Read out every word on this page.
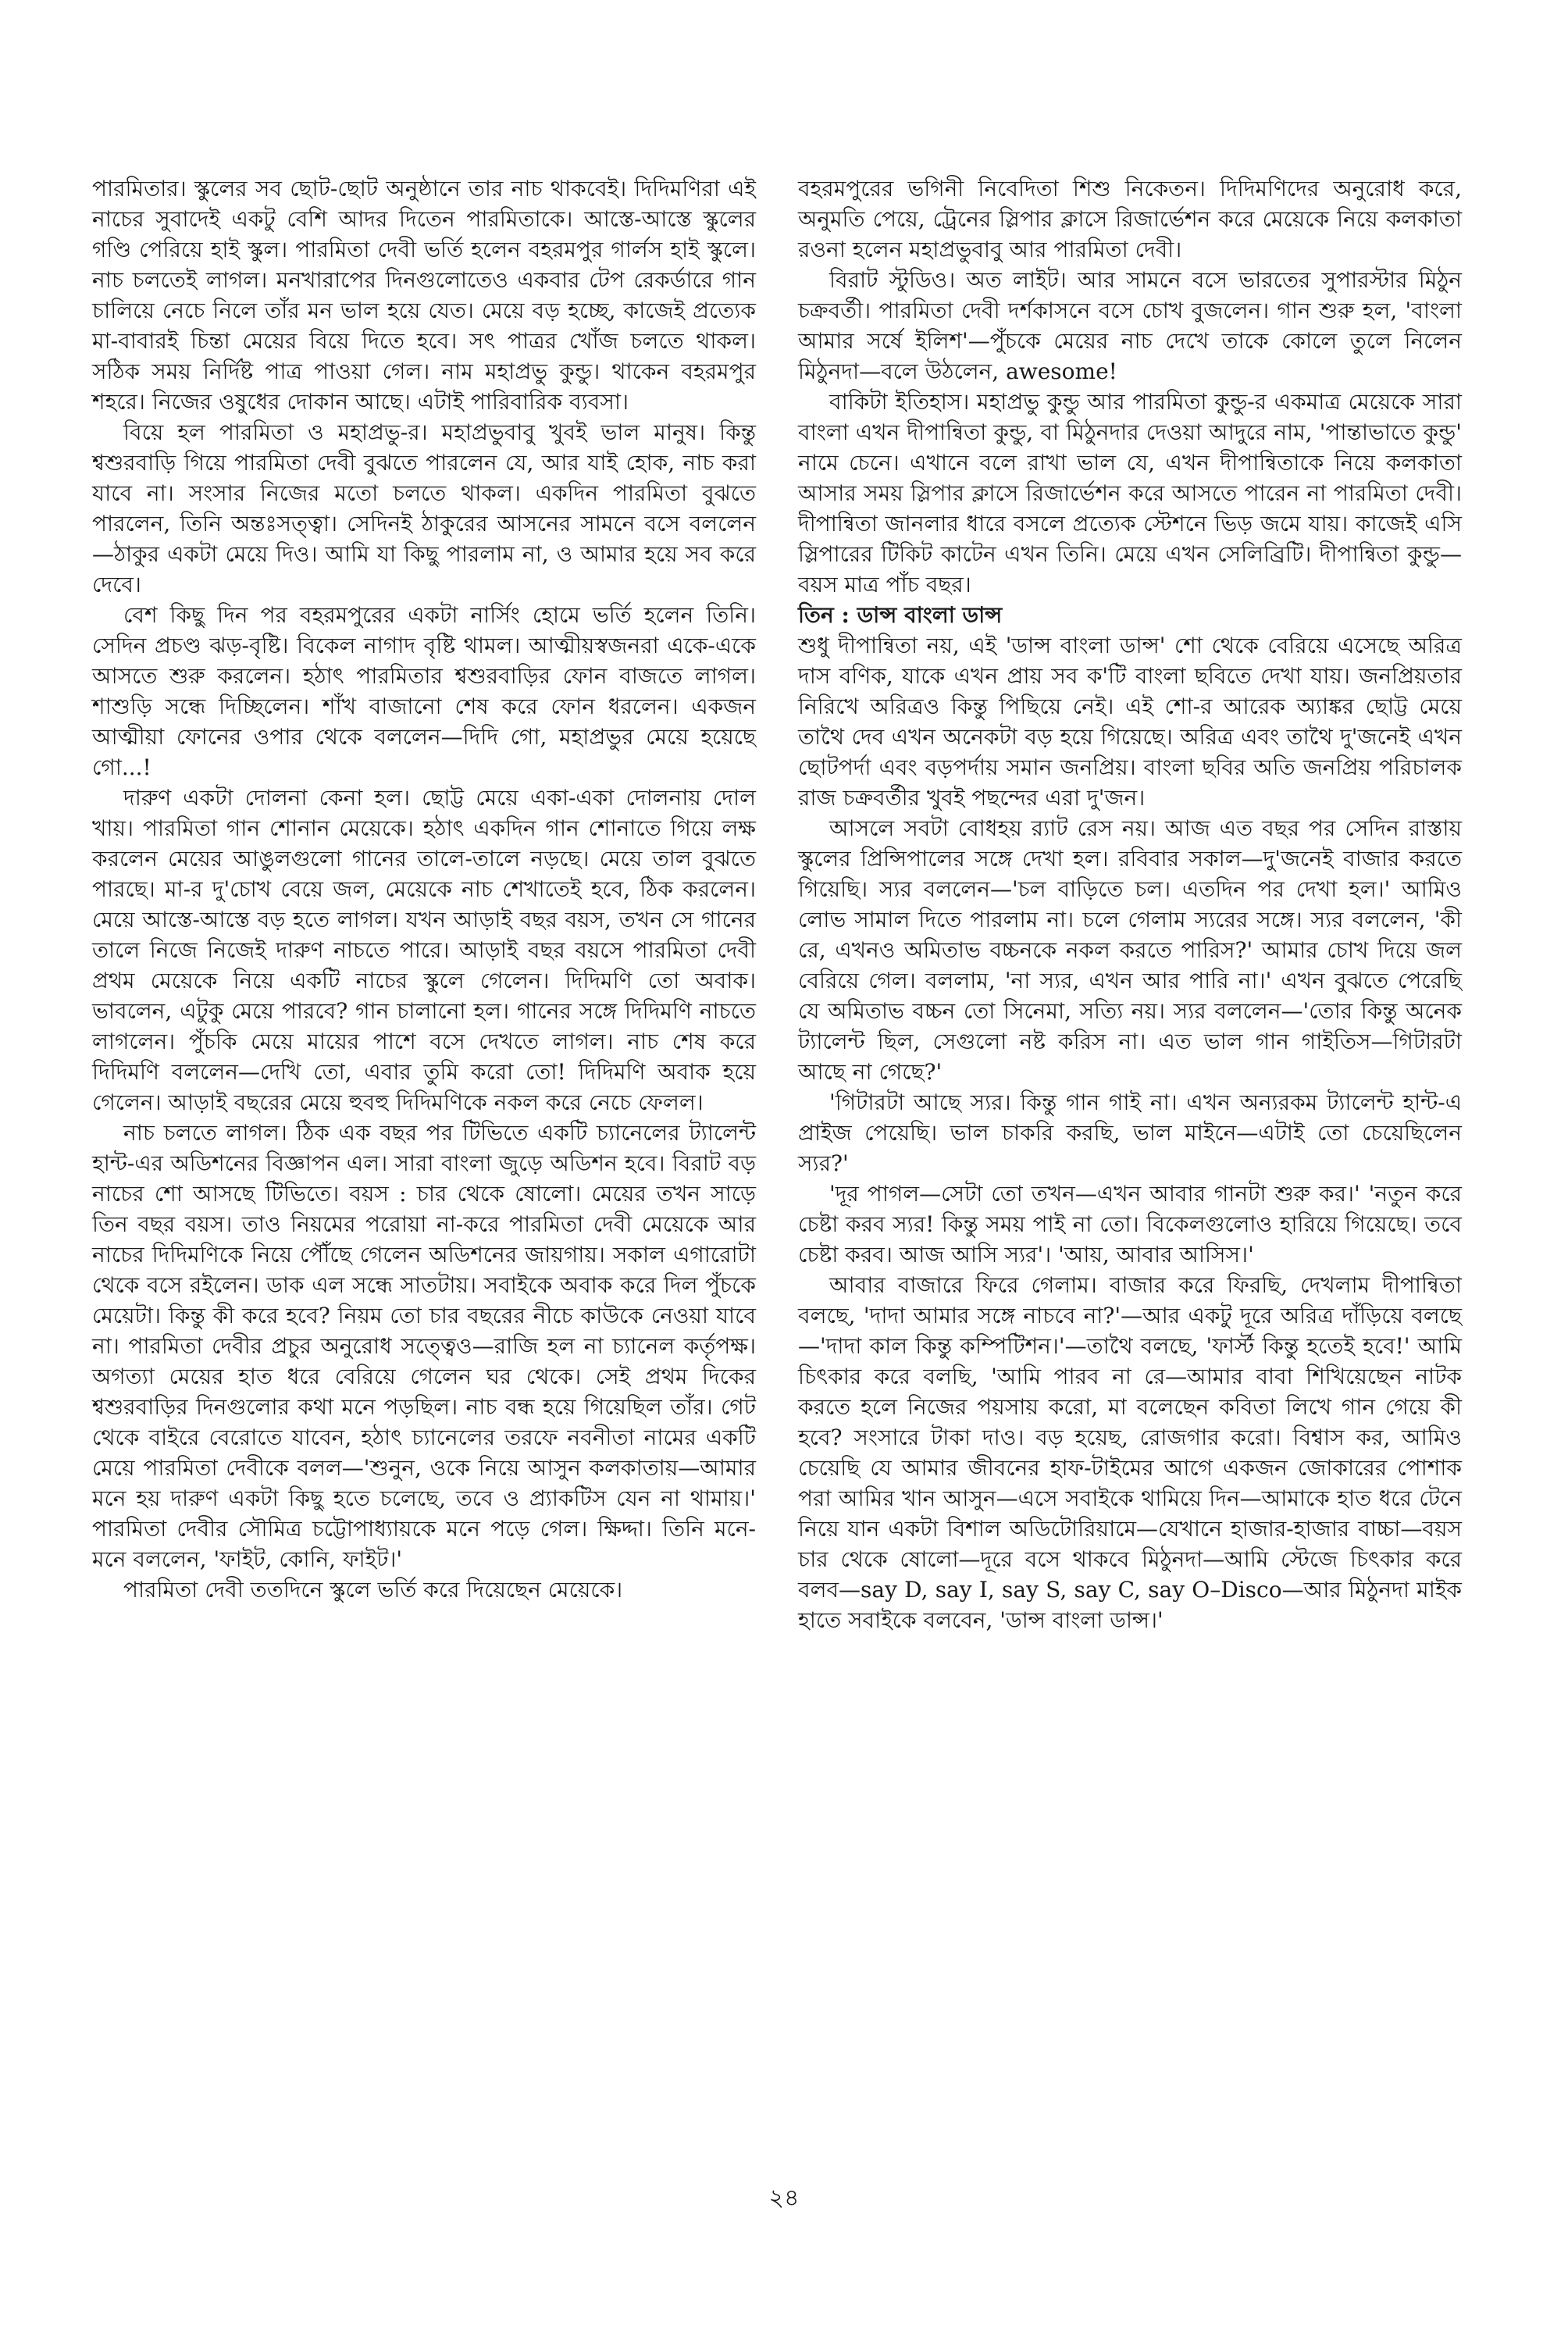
পারমিতার। স্কুলের সব ছোট-ছোট অনুষ্ঠানে তার নাচ থাকবেই। দিদিমণিরা এই নাচের সুবাদেই একটু বেশি আদর দিতেন পারমিতাকে। আস্তে-আস্তে স্কুলের গণ্ডি পেরিয়ে হাই স্কুল। পারমিতা দেবী ভর্তি হলেন বহরমপুর গার্লস হাই স্কুলে। নাচ চলতেই লাগল। মনখারাপের দিনগুলোতেও একবার টেপ রেকর্ডারে গান চালিয়ে নেচে নিলে তাঁর মন ভাল হয়ে যেত। মেয়ে বড় হচ্ছে, কাজেই প্রত্যেক মা-বাবারই চিন্তা মেয়ের বিয়ে দিতে হবে। সৎ পাত্রর খোঁজ চলতে থাকল। সঠিক সময় নির্দিষ্ট পাত্র পাওয়া গেল। নাম মহাপ্রভু কুন্ডু। থাকেন বহরমপুর শহরে। নিজের ওষুধের দোকান আছে। এটাই পারিবারিক ব্যবসা।

বিয়ে হল পারমিতা ও মহাপ্রভু-র। মহাপ্রভুবাবু খুবই ভাল মানুষ। কিন্তু শ্বশুরবাড়ি গিয়ে পারমিতা দেবী বুঝতে পারলেন যে, আর যাই হোক, নাচ করা যাবে না। সংসার নিজের মতো চলতে থাকল। একদিন পারমিতা বুঝতে পারলেন, তিনি অন্তঃসত্ত্বা। সেদিনই ঠাকুরের আসনের সামনে বসে বললেন—ঠাকুর একটা মেয়ে দিও। আমি যা কিছু পারলাম না, ও আমার হয়ে সব করে দেবে।

বেশ কিছু দিন পর বহরমপুরের একটা নার্সিং হোমে ভর্তি হলেন তিনি। সেদিন প্রচণ্ড ঝড়-বৃষ্টি। বিকেল নাগাদ বৃষ্টি থামল। আত্মীয়স্বজনরা একে-একে আসতে শুরু করলেন। হঠাৎ পারমিতার শ্বশুরবাড়ির ফোন বাজতে লাগল। শাশুড়ি সন্ধে দিচ্ছিলেন। শাঁখ বাজানো শেষ করে ফোন ধরলেন। একজন আত্মীয়া ফোনের ওপার থেকে বললেন—দিদি গো, মহাপ্রভুর মেয়ে হয়েছে গো...!

দারুণ একটা দোলনা কেনা হল। ছোট্ট মেয়ে একা-একা দোলনায় দোল খায়। পারমিতা গান শোনান মেয়েকে। হঠাৎ একদিন গান শোনাতে গিয়ে লক্ষ করলেন মেয়ের আঙুলগুলো গানের তালে-তালে নড়ছে। মেয়ে তাল বুঝতে পারছে। মা-র দু'চোখ বেয়ে জল, মেয়েকে নাচ শেখাতেই হবে, ঠিক করলেন। মেয়ে আস্তে-আস্তে বড় হতে লাগল। যখন আড়াই বছর বয়স, তখন সে গানের তালে নিজে নিজেই দারুণ নাচতে পারে। আড়াই বছর বয়সে পারমিতা দেবী প্রথম মেয়েকে নিয়ে একটি নাচের স্কুলে গেলেন। দিদিমণি তো অবাক। ভাবলেন, এটুকু মেয়ে পারবে? গান চালানো হল। গানের সঙ্গে দিদিমণি নাচতে লাগলেন। পুঁচকি মেয়ে মায়ের পাশে বসে দেখতে লাগল। নাচ শেষ করে দিদিমণি বললেন—দেখি তো, এবার তুমি করো তো! দিদিমণি অবাক হয়ে গেলেন। আড়াই বছরের মেয়ে হুবহু দিদিমণিকে নকল করে নেচে ফেলল।

নাচ চলতে লাগল। ঠিক এক বছর পর টিভিতে একটি চ্যানেলের ট্যালেন্ট হান্ট-এর অডিশনের বিজ্ঞাপন এল। সারা বাংলা জুড়ে অডিশন হবে। বিরাট বড় নাচের শো আসছে টিভিতে। বয়স : চার থেকে ষোলো। মেয়ের তখন সাড়ে তিন বছর বয়স। তাও নিয়মের পরোয়া না-করে পারমিতা দেবী মেয়েকে আর নাচের দিদিমণিকে নিয়ে পৌঁছে গেলেন অডিশনের জায়গায়। সকাল এগারোটা থেকে বসে রইলেন। ডাক এল সন্ধে সাতটায়। সবাইকে অবাক করে দিল পুঁচকে মেয়েটা। কিন্তু কী করে হবে? নিয়ম তো চার বছরের নীচে কাউকে নেওয়া যাবে না। পারমিতা দেবীর প্রচুর অনুরোধ সত্ত্বেও—রাজি হল না চ্যানেল কর্তৃপক্ষ। অগত্যা মেয়ের হাত ধরে বেরিয়ে গেলেন ঘর থেকে। সেই প্রথম দিকের শ্বশুরবাড়ির দিনগুলোর কথা মনে পড়ছিল। নাচ বন্ধ হয়ে গিয়েছিল তাঁর। গেট থেকে বাইরে বেরোতে যাবেন, হঠাৎ চ্যানেলের তরফে নবনীতা নামের একটি মেয়ে পারমিতা দেবীকে বলল—'শুনুন, ওকে নিয়ে আসুন কলকাতায়—আমার মনে হয় দারুণ একটা কিছু হতে চলেছে, তবে ও প্র্যাকটিস যেন না থামায়।' পারমিতা দেবীর সৌমিত্র চট্টোপাধ্যায়কে মনে পড়ে গেল। ক্ষিদ্দা। তিনি মনে-মনে বললেন, 'ফাইট, কোনি, ফাইট।'

পারমিতা দেবী ততদিনে স্কুলে ভর্তি করে দিয়েছেন মেয়েকে।

বহরমপুরের ভগিনী নিবেদিতা শিশু নিকেতন। দিদিমণিদের অনুরোধ করে, অনুমতি পেয়ে, ট্রেনের স্লিপার ক্লাসে রিজার্ভেশন করে মেয়েকে নিয়ে কলকাতা রওনা হলেন মহাপ্রভুবাবু আর পারমিতা দেবী।

বিরাট স্টুডিও। অত লাইট। আর সামনে বসে ভারতের সুপারস্টার মিঠুন চক্রবর্তী। পারমিতা দেবী দর্শকাসনে বসে চোখ বুজলেন। গান শুরু হল, 'বাংলা আমার সর্ষে ইলিশ'—পুঁচকে মেয়ের নাচ দেখে তাকে কোলে তুলে নিলেন মিঠুনদা—বলে উঠলেন, awesome!

বাকিটা ইতিহাস। মহাপ্রভু কুন্ডু আর পারমিতা কুন্ডু-র একমাত্র মেয়েকে সারা বাংলা এখন দীপান্বিতা কুন্ডু, বা মিঠুনদার দেওয়া আদুরে নাম, 'পান্তাভাতে কুন্ডু' নামে চেনে। এখানে বলে রাখা ভাল যে, এখন দীপান্বিতাকে নিয়ে কলকাতা আসার সময় স্লিপার ক্লাসে রিজার্ভেশন করে আসতে পারেন না পারমিতা দেবী। দীপান্বিতা জানলার ধারে বসলে প্রত্যেক স্টেশনে ভিড় জমে যায়। কাজেই এসি স্লিপারের টিকিট কাটেন এখন তিনি। মেয়ে এখন সেলিব্রিটি। দীপান্বিতা কুন্ডু—বয়স মাত্র পাঁচ বছর।

তিন : ডান্স বাংলা ডান্স

শুধু দীপান্বিতা নয়, এই 'ডান্স বাংলা ডান্স' শো থেকে বেরিয়ে এসেছে অরিত্র দাস বণিক, যাকে এখন প্রায় সব ক'টি বাংলা ছবিতে দেখা যায়। জনপ্রিয়তার নিরিখে অরিত্রও কিন্তু পিছিয়ে নেই। এই শো-র আরেক অ্যাঙ্কর ছোট্ট মেয়ে তাথৈ দেব এখন অনেকটা বড় হয়ে গিয়েছে। অরিত্র এবং তাথৈ দু'জনেই এখন ছোটপর্দা এবং বড়পর্দায় সমান জনপ্রিয়। বাংলা ছবির অতি জনপ্রিয় পরিচালক রাজ চক্রবর্তীর খুবই পছন্দের এরা দু'জন।

আসলে সবটা বোধহয় র‍্যাট রেস নয়। আজ এত বছর পর সেদিন রাস্তায় স্কুলের প্রিন্সিপালের সঙ্গে দেখা হল। রবিবার সকাল—দু'জনেই বাজার করতে গিয়েছি। স্যর বললেন—'চল বাড়িতে চল। এতদিন পর দেখা হল।' আমিও লোভ সামাল দিতে পারলাম না। চলে গেলাম স্যরের সঙ্গে। স্যর বললেন, 'কী রে, এখনও অমিতাভ বচ্চনকে নকল করতে পারিস?' আমার চোখ দিয়ে জল বেরিয়ে গেল। বললাম, 'না স্যর, এখন আর পারি না।' এখন বুঝতে পেরেছি যে অমিতাভ বচ্চন তো সিনেমা, সত্যি নয়। স্যর বললেন—'তোর কিন্তু অনেক ট্যালেন্ট ছিল, সেগুলো নষ্ট করিস না। এত ভাল গান গাইতিস—গিটারটা আছে না গেছে?'

'গিটারটা আছে স্যর। কিন্তু গান গাই না। এখন অন্যরকম ট্যালেন্ট হান্ট-এ প্রাইজ পেয়েছি। ভাল চাকরি করছি, ভাল মাইনে—এটাই তো চেয়েছিলেন স্যর?'

'দূর পাগল—সেটা তো তখন—এখন আবার গানটা শুরু কর।' 'নতুন করে চেষ্টা করব স্যর! কিন্তু সময় পাই না তো। বিকেলগুলোও হারিয়ে গিয়েছে। তবে চেষ্টা করব। আজ আসি স্যর'। 'আয়, আবার আসিস।'

আবার বাজারে ফিরে গেলাম। বাজার করে ফিরছি, দেখলাম দীপান্বিতা বলছে, 'দাদা আমার সঙ্গে নাচবে না?'—আর একটু দূরে অরিত্র দাঁড়িয়ে বলছে—'দাদা কাল কিন্তু কম্পিটিশন।'—তাথৈ বলছে, 'ফার্স্ট কিন্তু হতেই হবে!' আমি চিৎকার করে বলছি, 'আমি পারব না রে—আমার বাবা শিখিয়েছেন নাটক করতে হলে নিজের পয়সায় করো, মা বলেছেন কবিতা লিখে গান গেয়ে কী হবে? সংসারে টাকা দাও। বড় হয়েছ, রোজগার করো। বিশ্বাস কর, আমিও চেয়েছি যে আমার জীবনের হাফ-টাইমের আগে একজন জোকারের পোশাক পরা আমির খান আসুন—এসে সবাইকে থামিয়ে দিন—আমাকে হাত ধরে টেনে নিয়ে যান একটা বিশাল অডিটোরিয়ামে—যেখানে হাজার-হাজার বাচ্চা—বয়স চার থেকে ষোলো—দূরে বসে থাকবে মিঠুনদা—আমি স্টেজে চিৎকার করে বলব—say D, say I, say S, say C, say O–Disco—আর মিঠুনদা মাইক হাতে সবাইকে বলবেন, 'ডান্স বাংলা ডান্স।'

২৪
